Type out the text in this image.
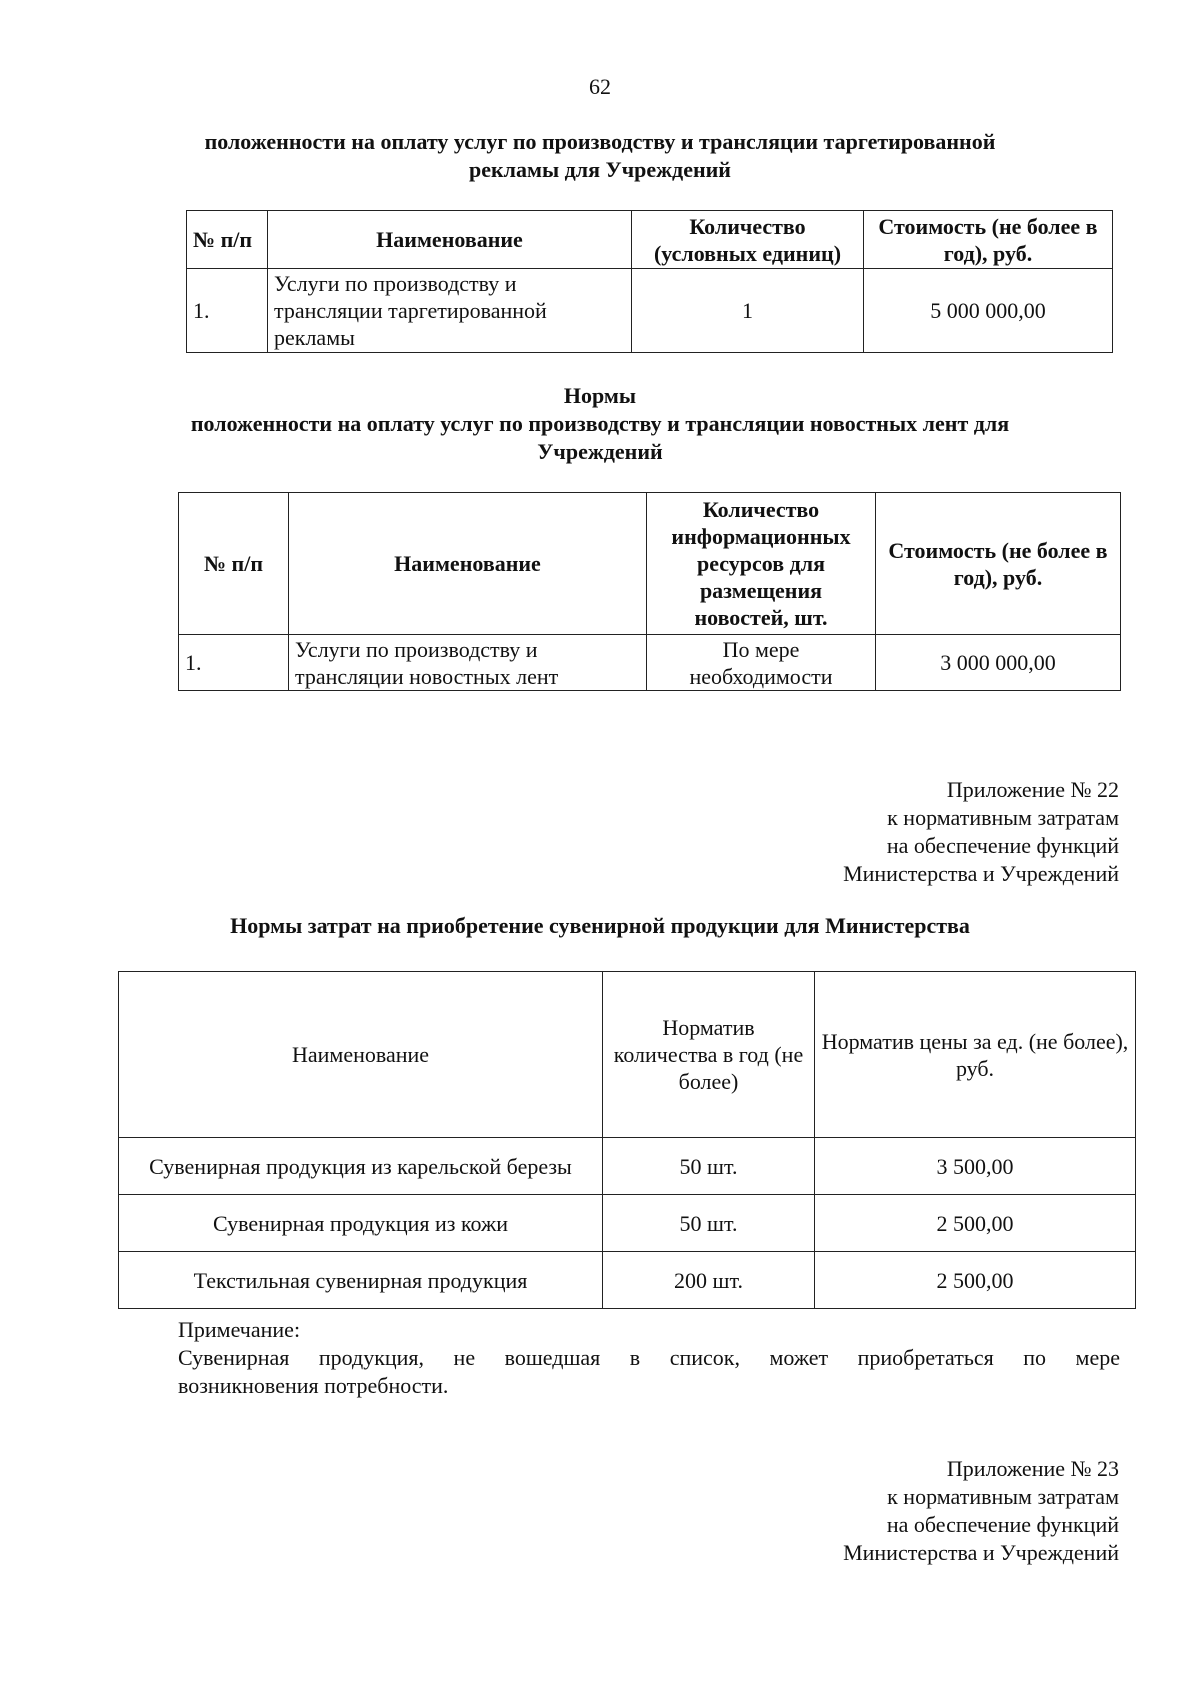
62
положенности на оплату услуг по производству и трансляции таргетированной
рекламы для Учреждений
№ п/п	Наименование	Количество (условных единиц)	Стоимость (не более в год), руб.
1.	Услуги по производству и трансляции таргетированной рекламы	1	5 000 000,00
Нормы
положенности на оплату услуг по производству и трансляции новостных лент для
Учреждений
№ п/п	Наименование	Количество информационных ресурсов для размещения новостей, шт.	Стоимость (не более в год), руб.
1.	Услуги по производству и трансляции новостных лент	По мере необходимости	3 000 000,00
Приложение № 22
к нормативным затратам
на обеспечение функций
Министерства и Учреждений
Нормы затрат на приобретение сувенирной продукции для Министерства
Наименование	Норматив количества в год (не более)	Норматив цены за ед. (не более), руб.
Сувенирная продукция из карельской березы	50 шт.	3 500,00
Сувенирная продукция из кожи	50 шт.	2 500,00
Текстильная сувенирная продукция	200 шт.	2 500,00
Примечание:
Сувенирная продукция, не вошедшая в список, может приобретаться по мере
возникновения потребности.
Приложение № 23
к нормативным затратам
на обеспечение функций
Министерства и Учреждений
